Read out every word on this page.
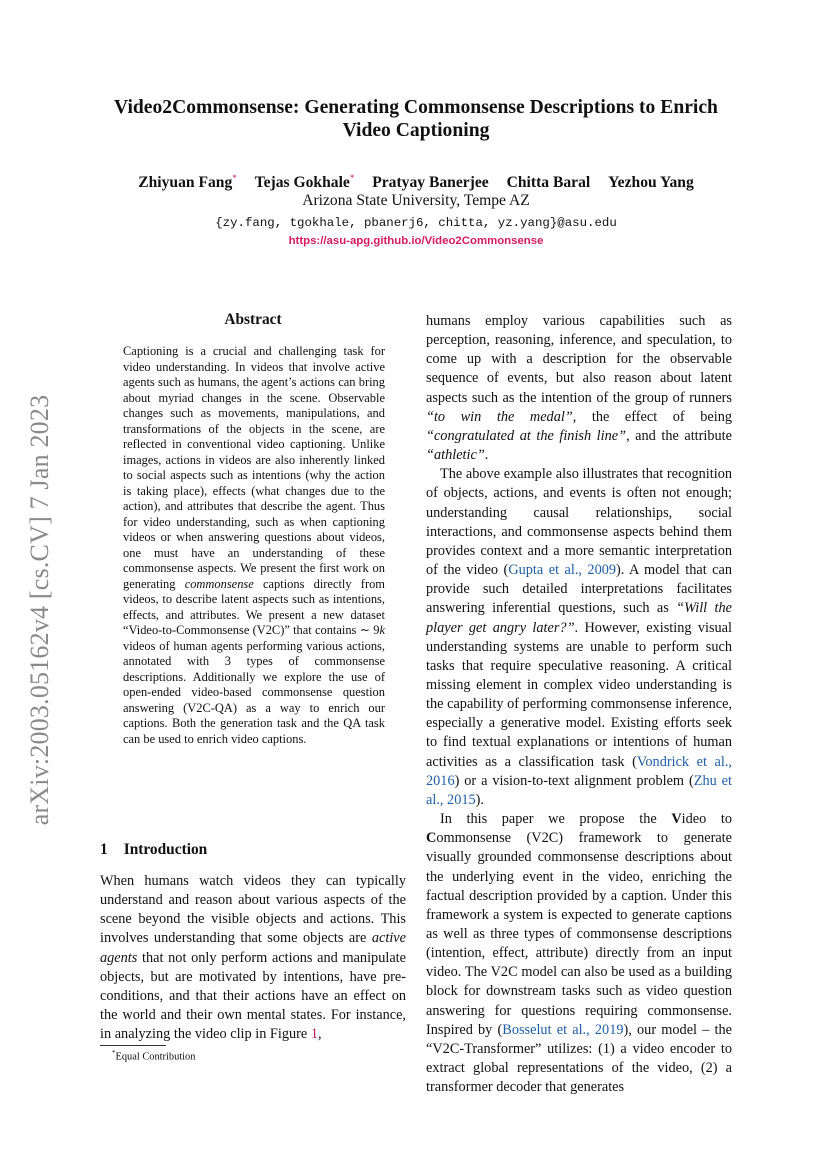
arXiv:2003.05162v4 [cs.CV] 7 Jan 2023
Video2Commonsense: Generating Commonsense Descriptions to Enrich
Video Captioning
Zhiyuan Fang* Tejas Gokhale* Pratyay Banerjee Chitta Baral Yezhou Yang
Arizona State University, Tempe AZ
{zy.fang, tgokhale, pbanerj6, chitta, yz.yang}@asu.edu
https://asu-apg.github.io/Video2Commonsense
Abstract
Captioning is a crucial and challenging task for video understanding. In videos that involve active agents such as humans, the agent’s actions can bring about myriad changes in the scene. Observable changes such as movements, manipulations, and transformations of the objects in the scene, are reflected in conventional video captioning. Unlike images, actions in videos are also inherently linked to social aspects such as intentions (why the action is taking place), effects (what changes due to the action), and attributes that describe the agent. Thus for video understanding, such as when captioning videos or when answering questions about videos, one must have an understanding of these commonsense aspects. We present the first work on generating commonsense captions directly from videos, to describe latent aspects such as intentions, effects, and attributes. We present a new dataset “Video-to-Commonsense (V2C)” that contains ∼ 9k videos of human agents performing various actions, annotated with 3 types of commonsense descriptions. Additionally we explore the use of open-ended video-based commonsense question answering (V2C-QA) as a way to enrich our captions. Both the generation task and the QA task can be used to enrich video captions.
1 Introduction
When humans watch videos they can typically understand and reason about various aspects of the scene beyond the visible objects and actions. This involves understanding that some objects are active agents that not only perform actions and manipulate objects, but are motivated by intentions, have pre-conditions, and that their actions have an effect on the world and their own mental states. For instance, in analyzing the video clip in Figure 1,
*Equal Contribution

humans employ various capabilities such as perception, reasoning, inference, and speculation, to come up with a description for the observable sequence of events, but also reason about latent aspects such as the intention of the group of runners “to win the medal”, the effect of being “congratulated at the finish line”, and the attribute “athletic”.

The above example also illustrates that recognition of objects, actions, and events is often not enough; understanding causal relationships, social interactions, and commonsense aspects behind them provides context and a more semantic interpretation of the video (Gupta et al., 2009). A model that can provide such detailed interpretations facilitates answering inferential questions, such as “Will the player get angry later?”. However, existing visual understanding systems are unable to perform such tasks that require speculative reasoning. A critical missing element in complex video understanding is the capability of performing commonsense inference, especially a generative model. Existing efforts seek to find textual explanations or intentions of human activities as a classification task (Vondrick et al., 2016) or a vision-to-text alignment problem (Zhu et al., 2015).

In this paper we propose the Video to Commonsense (V2C) framework to generate visually grounded commonsense descriptions about the underlying event in the video, enriching the factual description provided by a caption. Under this framework a system is expected to generate captions as well as three types of commonsense descriptions (intention, effect, attribute) directly from an input video. The V2C model can also be used as a building block for downstream tasks such as video question answering for questions requiring commonsense. Inspired by (Bosselut et al., 2019), our model – the “V2C-Transformer” utilizes: (1) a video encoder to extract global representations of the video, (2) a transformer decoder that generates
